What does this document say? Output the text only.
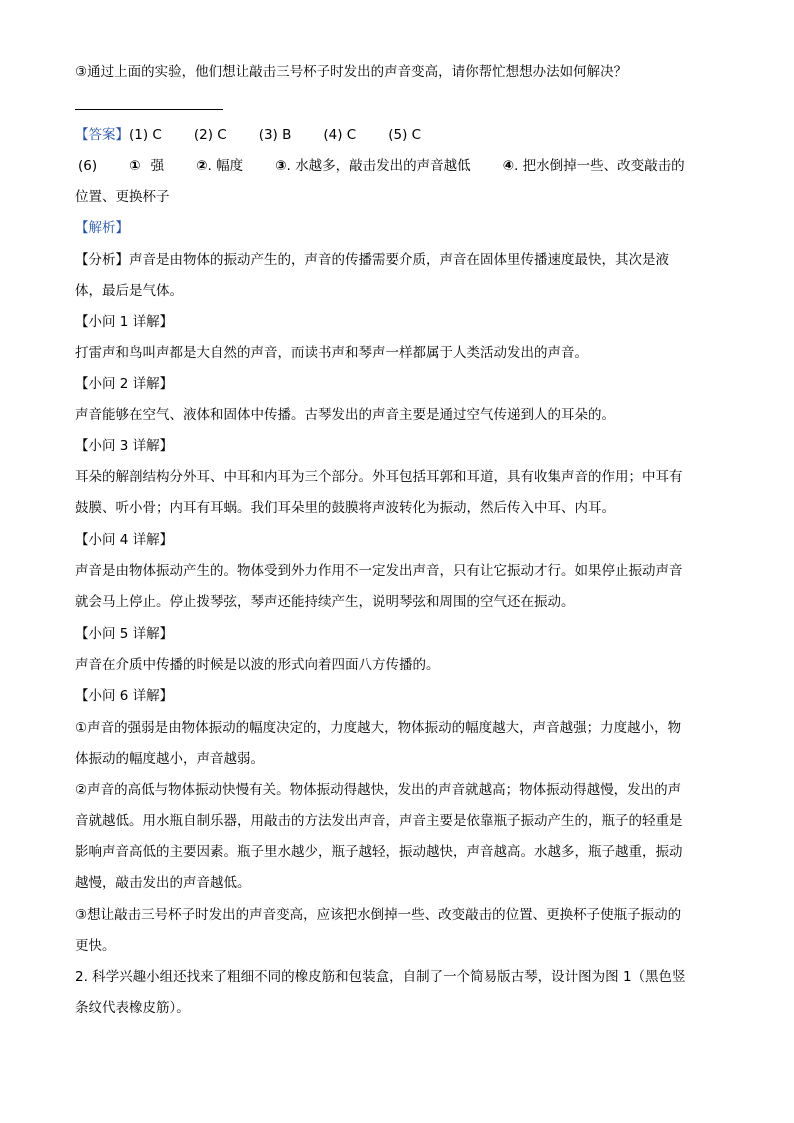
③通过上面的实验，他们想让敲击三号杯子时发出的声音变高，请你帮忙想想办法如何解决？
【答案】(1) C (2) C (3) B (4) C (5) C
(6) ① 强 ②. 幅度 ③. 水越多，敲击发出的声音越低 ④. 把水倒掉一些、改变敲击的
位置、更换杯子
【解析】
【分析】声音是由物体的振动产生的，声音的传播需要介质，声音在固体里传播速度最快，其次是液
体，最后是气体。
【小问 1 详解】
打雷声和鸟叫声都是大自然的声音，而读书声和琴声一样都属于人类活动发出的声音。
【小问 2 详解】
声音能够在空气、液体和固体中传播。古琴发出的声音主要是通过空气传递到人的耳朵的。
【小问 3 详解】
耳朵的解剖结构分外耳、中耳和内耳为三个部分。外耳包括耳郭和耳道，具有收集声音的作用；中耳有
鼓膜、听小骨；内耳有耳蜗。我们耳朵里的鼓膜将声波转化为振动，然后传入中耳、内耳。
【小问 4 详解】
声音是由物体振动产生的。物体受到外力作用不一定发出声音，只有让它振动才行。如果停止振动声音
就会马上停止。停止拨琴弦，琴声还能持续产生，说明琴弦和周围的空气还在振动。
【小问 5 详解】
声音在介质中传播的时候是以波的形式向着四面八方传播的。
【小问 6 详解】
①声音的强弱是由物体振动的幅度决定的，力度越大，物体振动的幅度越大，声音越强；力度越小，物
体振动的幅度越小，声音越弱。
②声音的高低与物体振动快慢有关。物体振动得越快，发出的声音就越高；物体振动得越慢，发出的声
音就越低。用水瓶自制乐器，用敲击的方法发出声音，声音主要是依靠瓶子振动产生的，瓶子的轻重是
影响声音高低的主要因素。瓶子里水越少，瓶子越轻，振动越快，声音越高。水越多，瓶子越重，振动
越慢，敲击发出的声音越低。
③想让敲击三号杯子时发出的声音变高，应该把水倒掉一些、改变敲击的位置、更换杯子使瓶子振动的
更快。
2. 科学兴趣小组还找来了粗细不同的橡皮筋和包装盒，自制了一个简易版古琴，设计图为图 1（黑色竖
条纹代表橡皮筋）。
